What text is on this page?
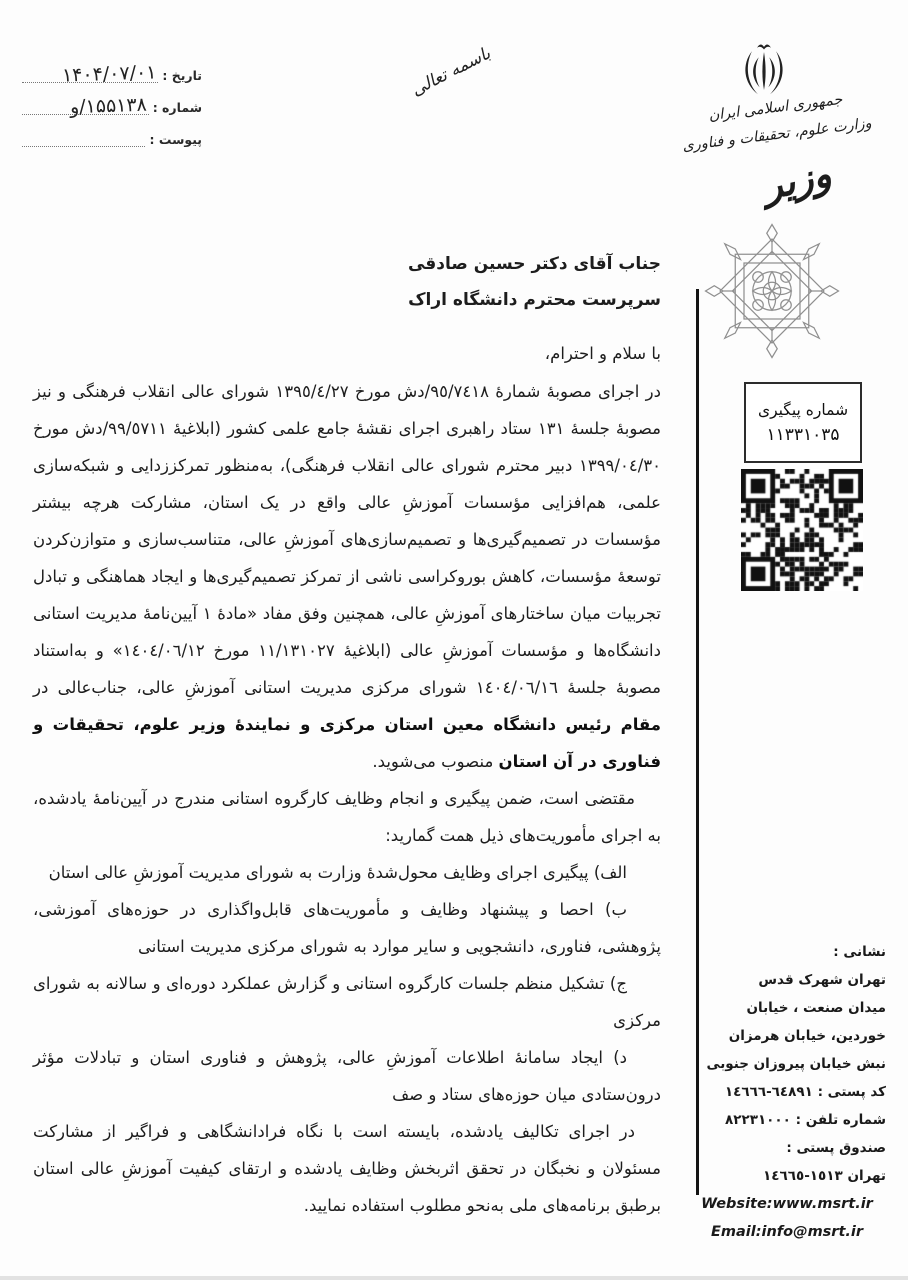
تاریخ :
۱۴۰۴/۰۷/۰۱
شماره :
۱۵۵۱۳۸/و
پیوست :
باسمه تعالی
جمهوری اسلامی ایران
وزارت علوم، تحقیقات و فناوری
وزیر
شماره پیگیری
۱۱۳۳۱۰۳۵
نشانی :
تهران شهرک قدس
میدان صنعت ، خیابان
خوردین، خیابان هرمزان
نبش خیابان پیروزان جنوبی
کد پستی : ٦٤٨٩١-١٤٦٦٦
شماره تلفن : ٨٢٢٣١٠٠٠
صندوق پستی :
تهران ١٥١٣-١٤٦٦٥
Website:www.msrt.ir
Email:info@msrt.ir
جناب آقای دکتر حسین صادقی
سرپرست محترم دانشگاه اراک
با سلام و احترام،

در اجرای مصوبۀ شمارۀ ٩٥/٧٤١٨/دش مورخ ١٣٩٥/٤/٢٧ شورای عالی انقلاب فرهنگی و نیز مصوبۀ جلسۀ ١٣١ ستاد راهبری اجرای نقشۀ جامع علمی کشور (ابلاغیۀ ٩٩/٥٧١١/دش مورخ ١٣٩٩/٠٤/٣٠ دبیر محترم شورای عالی انقلاب فرهنگی)، به‌منظور تمرکززدایی و شبکه‌سازی علمی، هم‌افزایی مؤسسات آموزشِ عالی واقع در یک استان، مشارکت هرچه بیشتر مؤسسات در تصمیم‌گیری‌ها و تصمیم‌سازی‌های آموزشِ عالی، متناسب‌سازی و متوازن‌کردن توسعۀ مؤسسات، کاهش بوروکراسی ناشی از تمرکز تصمیم‌گیری‌ها و ایجاد هماهنگی و تبادل تجربیات میان ساختارهای آموزشِ عالی، همچنین وفق مفاد «مادۀ ١ آیین‌نامۀ مدیریت استانی دانشگاه‌ها و مؤسسات آموزشِ عالی (ابلاغیۀ ١١/١٣١٠٢٧ مورخ ١٤٠٤/٠٦/١٢» و به‌استناد مصوبۀ جلسۀ ١٤٠٤/٠٦/١٦ شورای مرکزی مدیریت استانی آموزشِ عالی، جناب‌عالی در مقام رئیس دانشگاه معین استان مرکزی و نمایندۀ وزیر علوم، تحقیقات و فناوری در آن استان منصوب می‌شوید.

مقتضی است، ضمن پیگیری و انجام وظایف کارگروه استانی مندرج در آیین‌نامۀ یادشده، به اجرای مأموریت‌های ذیل همت گمارید:

الف) پیگیری اجرای وظایف محول‌شدۀ وزارت به شورای مدیریت آموزشِ عالی استان

ب) احصا و پیشنهاد وظایف و مأموریت‌های قابل‌واگذاری در حوزه‌های آموزشی، پژوهشی، فناوری، دانشجویی و سایر موارد به شورای مرکزی مدیریت استانی

ج) تشکیل منظم جلسات کارگروه استانی و گزارش عملکرد دوره‌ای و سالانه به شورای مرکزی

د) ایجاد سامانۀ اطلاعات آموزشِ عالی، پژوهش و فناوری استان و تبادلات مؤثر درون‌ستادی میان حوزه‌های ستاد و صف

در اجرای تکالیف یادشده، بایسته است با نگاه فرادانشگاهی و فراگیر از مشارکت مسئولان و نخبگان در تحقق اثربخش وظایف یادشده و ارتقای کیفیت آموزشِ عالی استان برطبق برنامه‌های ملی به‌نحو مطلوب استفاده نمایید.
